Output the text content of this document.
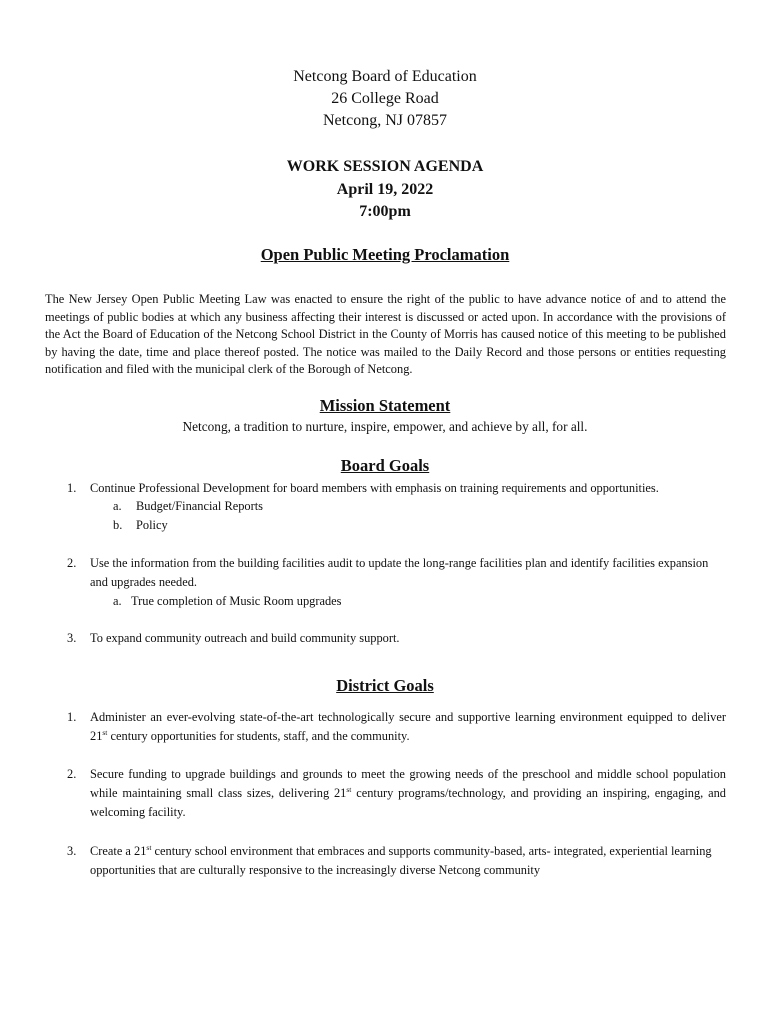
Netcong Board of Education
26 College Road
Netcong, NJ 07857
WORK SESSION AGENDA
April 19, 2022
7:00pm
Open Public Meeting Proclamation
The New Jersey Open Public Meeting Law was enacted to ensure the right of the public to have advance notice of and to attend the meetings of public bodies at which any business affecting their interest is discussed or acted upon. In accordance with the provisions of the Act the Board of Education of the Netcong School District in the County of Morris has caused notice of this meeting to be published by having the date, time and place thereof posted. The notice was mailed to the Daily Record and those persons or entities requesting notification and filed with the municipal clerk of the Borough of Netcong.
Mission Statement
Netcong, a tradition to nurture, inspire, empower, and achieve by all, for all.
Board Goals
1. Continue Professional Development for board members with emphasis on training requirements and opportunities.
a. Budget/Financial Reports
b. Policy
2. Use the information from the building facilities audit to update the long-range facilities plan and identify facilities expansion and upgrades needed.
a. True completion of Music Room upgrades
3. To expand community outreach and build community support.
District Goals
1. Administer an ever-evolving state-of-the-art technologically secure and supportive learning environment equipped to deliver 21st century opportunities for students, staff, and the community.
2. Secure funding to upgrade buildings and grounds to meet the growing needs of the preschool and middle school population while maintaining small class sizes, delivering 21st century programs/technology, and providing an inspiring, engaging, and welcoming facility.
3. Create a 21st century school environment that embraces and supports community-based, arts- integrated, experiential learning opportunities that are culturally responsive to the increasingly diverse Netcong community
